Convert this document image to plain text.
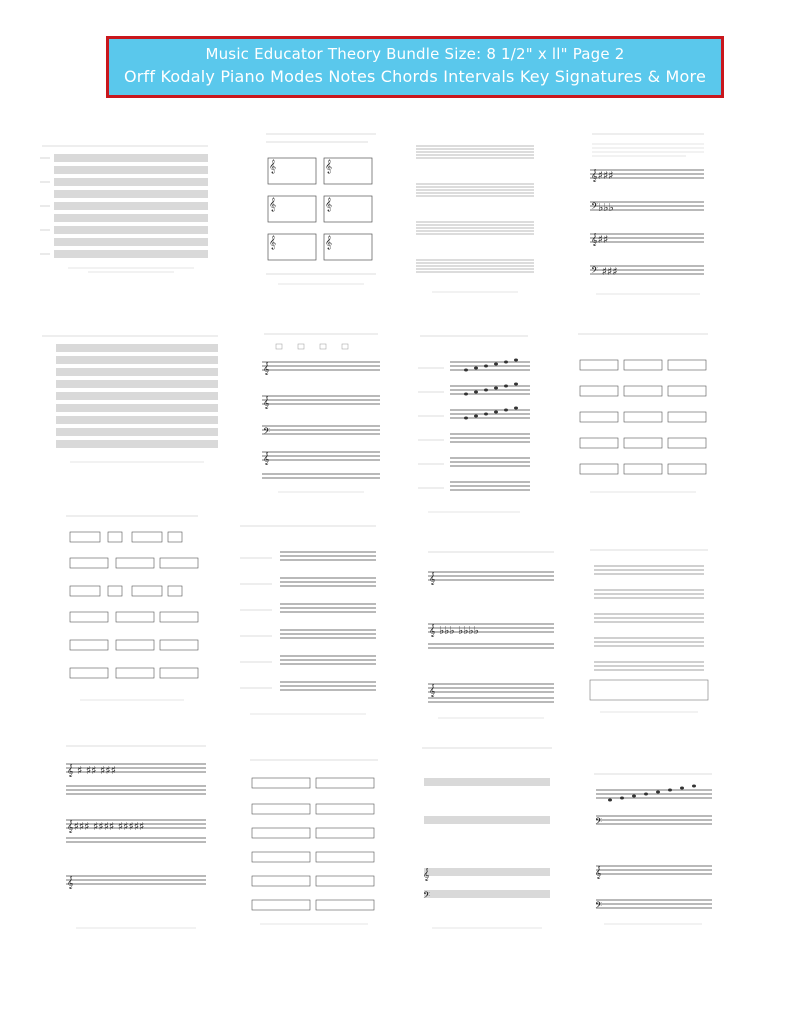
Music Educator Theory Bundle Size: 8 1/2" x ll" Page 2
Orff Kodaly Piano Modes Notes Chords Intervals Key Signatures & More
𝄞	𝄞
𝄞	𝄞
𝄞	𝄞
𝄞♯♯♯
𝄢♭♭♭
𝄞♯♯
𝄢 ♯♯♯
𝄞
𝄞
𝄢
𝄞
𝄞
𝄞 ♭♭♭ ♭♭♭♭
𝄞
𝄞 ♯ ♯♯ ♯♯♯
𝄞♯♯♯ ♯♯♯♯ ♯♯♯♯♯
𝄞
𝄞
𝄢
𝄢
𝄞
𝄢
